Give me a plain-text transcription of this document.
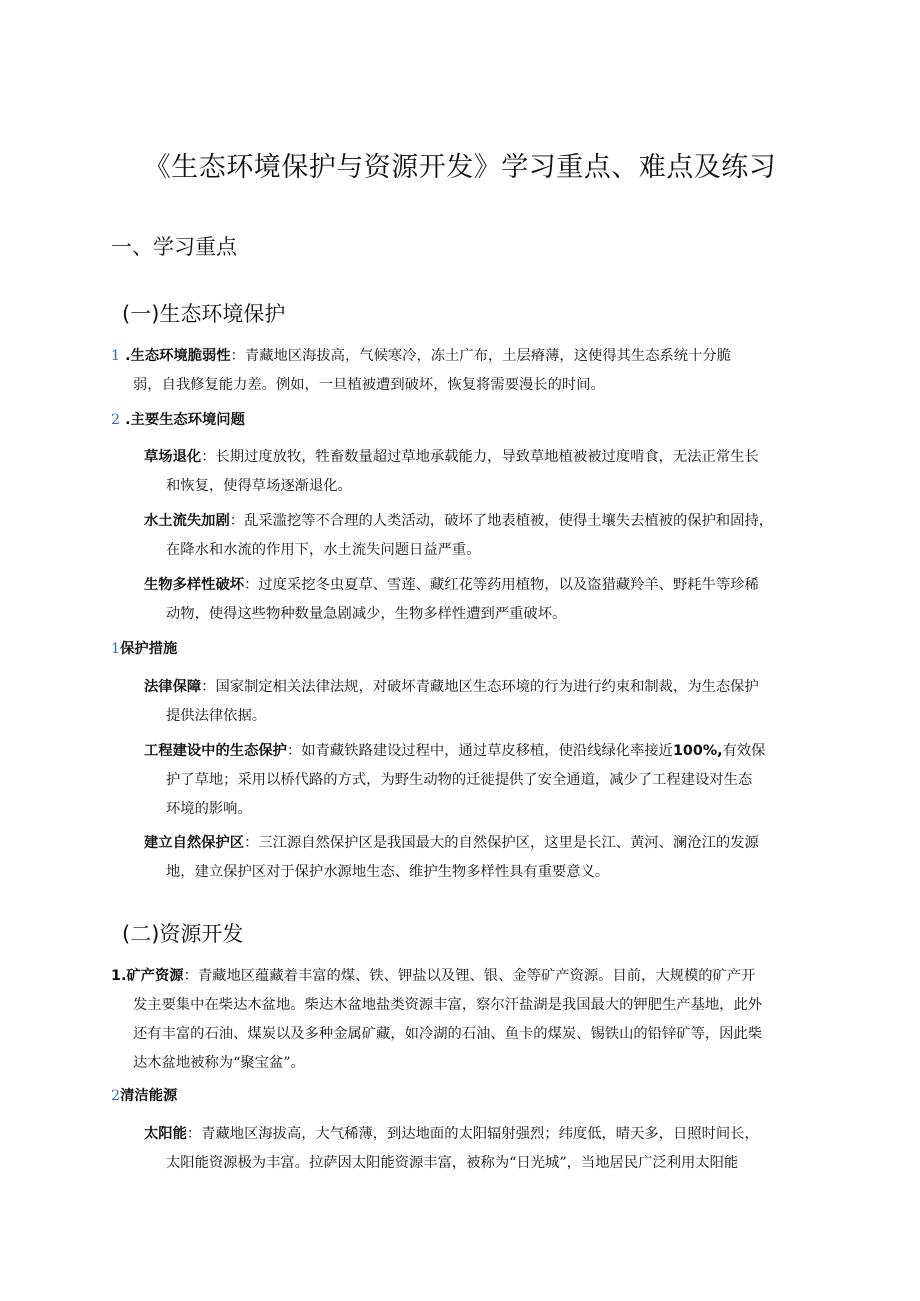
《生态环境保护与资源开发》学习重点、难点及练习
一、学习重点
(一)生态环境保护
1 .生态环境脆弱性：青藏地区海拔高，气候寒冷，冻土广布，土层瘠薄，这使得其生态系统十分脆
弱，自我修复能力差。例如，一旦植被遭到破坏，恢复将需要漫长的时间。
2 .主要生态环境问题
草场退化：长期过度放牧，牲畜数量超过草地承载能力，导致草地植被被过度啃食，无法正常生长
和恢复，使得草场逐渐退化。
水土流失加剧：乱采滥挖等不合理的人类活动，破坏了地表植被，使得土壤失去植被的保护和固持，
在降水和水流的作用下，水土流失问题日益严重。
生物多样性破坏：过度采挖冬虫夏草、雪莲、藏红花等药用植物，以及盗猎藏羚羊、野耗牛等珍稀
动物，使得这些物种数量急剧减少，生物多样性遭到严重破坏。
1保护措施
法律保障：国家制定相关法律法规，对破坏青藏地区生态环境的行为进行约束和制裁，为生态保护
提供法律依据。
工程建设中的生态保护：如青藏铁路建设过程中，通过草皮移植，使沿线绿化率接近100%,有效保
护了草地；采用以桥代路的方式，为野生动物的迁徙提供了安全通道，减少了工程建设对生态
环境的影响。
建立自然保护区：三江源自然保护区是我国最大的自然保护区，这里是长江、黄河、澜沧江的发源
地，建立保护区对于保护水源地生态、维护生物多样性具有重要意义。
(二)资源开发
1.矿产资源：青藏地区蕴藏着丰富的煤、铁、钾盐以及锂、银、金等矿产资源。目前，大规模的矿产开
发主要集中在柴达木盆地。柴达木盆地盐类资源丰富，察尔汗盐湖是我国最大的钾肥生产基地，此外
还有丰富的石油、煤炭以及多种金属矿藏，如冷湖的石油、鱼卡的煤炭、锡铁山的铅锌矿等，因此柴
达木盆地被称为“聚宝盆”。
2清洁能源
太阳能：青藏地区海拔高，大气稀薄，到达地面的太阳辐射强烈；纬度低，晴天多，日照时间长，
太阳能资源极为丰富。拉萨因太阳能资源丰富，被称为“日光城”，当地居民广泛利用太阳能
